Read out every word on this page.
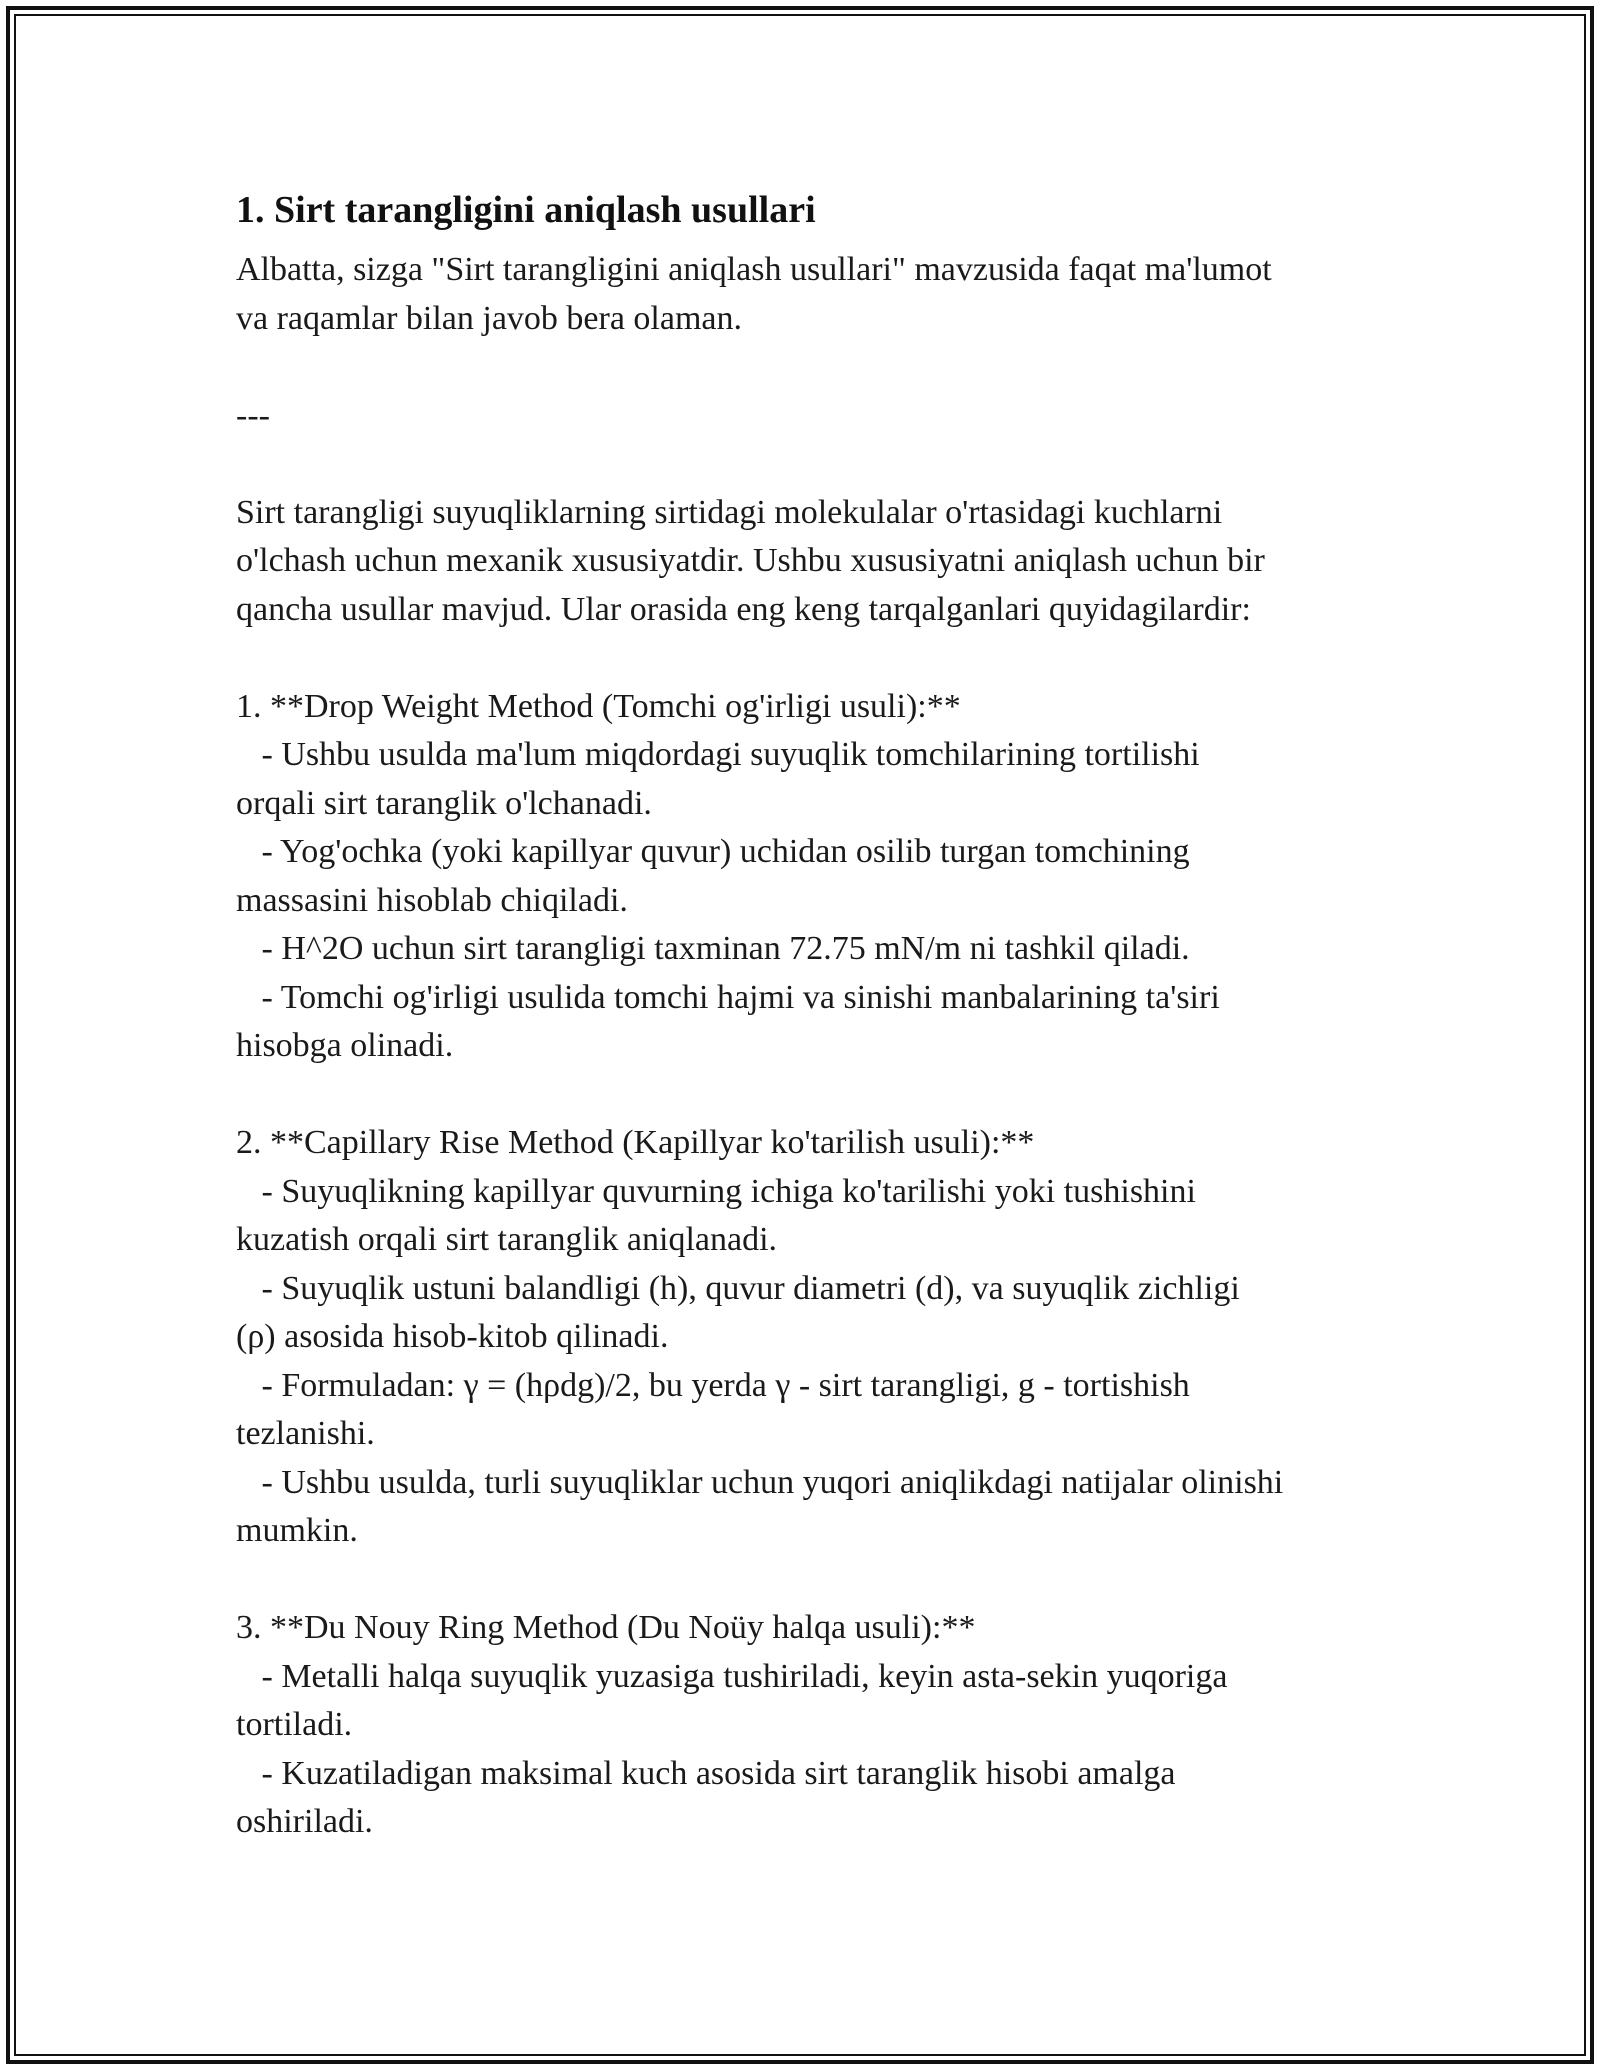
1. Sirt tarangligini aniqlash usullari

Albatta, sizga "Sirt tarangligini aniqlash usullari" mavzusida faqat ma'lumot
va raqamlar bilan javob bera olaman.

---

Sirt tarangligi suyuqliklarning sirtidagi molekulalar o'rtasidagi kuchlarni
o'lchash uchun mexanik xususiyatdir. Ushbu xususiyatni aniqlash uchun bir
qancha usullar mavjud. Ular orasida eng keng tarqalganlari quyidagilardir:

1. **Drop Weight Method (Tomchi og'irligi usuli):**
- Ushbu usulda ma'lum miqdordagi suyuqlik tomchilarining tortilishi
orqali sirt taranglik o'lchanadi.
- Yog'ochka (yoki kapillyar quvur) uchidan osilib turgan tomchining
massasini hisoblab chiqiladi.
- H^2O uchun sirt tarangligi taxminan 72.75 mN/m ni tashkil qiladi.
- Tomchi og'irligi usulida tomchi hajmi va sinishi manbalarining ta'siri
hisobga olinadi.

2. **Capillary Rise Method (Kapillyar ko'tarilish usuli):**
- Suyuqlikning kapillyar quvurning ichiga ko'tarilishi yoki tushishini
kuzatish orqali sirt taranglik aniqlanadi.
- Suyuqlik ustuni balandligi (h), quvur diametri (d), va suyuqlik zichligi
(ρ) asosida hisob-kitob qilinadi.
- Formuladan: γ = (hρdg)/2, bu yerda γ - sirt tarangligi, g - tortishish
tezlanishi.
- Ushbu usulda, turli suyuqliklar uchun yuqori aniqlikdagi natijalar olinishi
mumkin.

3. **Du Nouy Ring Method (Du Noüy halqa usuli):**
- Metalli halqa suyuqlik yuzasiga tushiriladi, keyin asta-sekin yuqoriga
tortiladi.
- Kuzatiladigan maksimal kuch asosida sirt taranglik hisobi amalga
oshiriladi.
